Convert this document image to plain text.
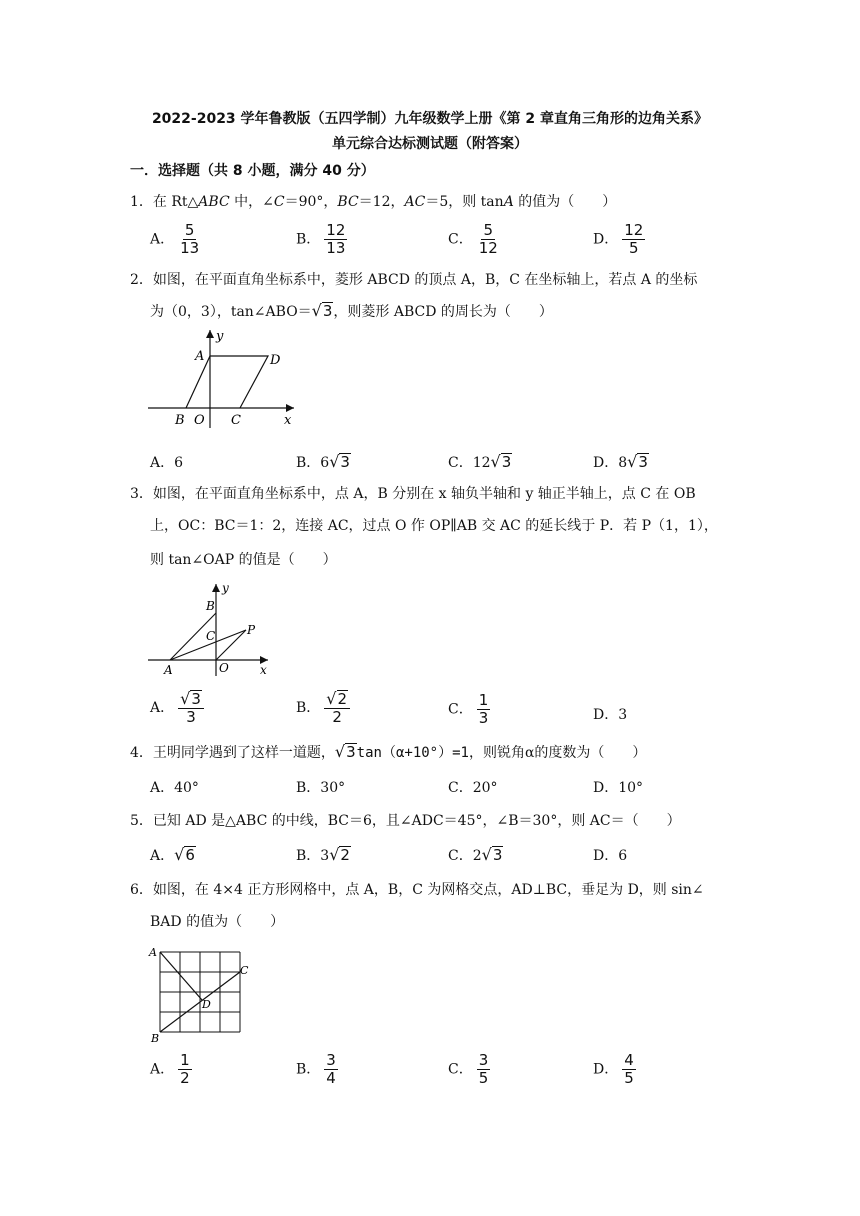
2022-2023 学年鲁教版（五四学制）九年级数学上册《第 2 章直角三角形的边角关系》
单元综合达标测试题（附答案）
一．选择题（共 8 小题，满分 40 分）
1．在 Rt△ABC 中，∠C＝90°，BC＝12，AC＝5，则 tanA 的值为（　　）
A． $\frac{5}{13}$	B． $\frac{12}{13}$	C． $\frac{5}{12}$	D． $\frac{12}{5}$
2．如图，在平面直角坐标系中，菱形 ABCD 的顶点 A，B，C 在坐标轴上，若点 A 的坐标
为（0，3），tan∠ABO＝ √ 3 ，则菱形 ABCD 的周长为（　　）
A	D
B O C	x
y
A．6	B．6 √ 3	C．12 √ 3	D．8 √ 3
3．如图，在平面直角坐标系中，点 A，B 分别在 x 轴负半轴和 y 轴正半轴上，点 C 在 OB
上，OC：BC＝1：2，连接 AC，过点 O 作 OP∥AB 交 AC 的延长线于 P．若 P（1，1），
则 tan∠OAP 的值是（　　）
B
C	P
A	O	x
y
A． $\frac{√ 3}{3}$	B． $\frac{√ 2}{2}$	C． $\frac{1}{3}$	D．3
4．王明同学遇到了这样一道题， √ 3 tan（α+10°）=1，则锐角α的度数为（　　）
A．40°	B．30°	C．20°	D．10°
5．已知 AD 是△ABC 的中线，BC＝6，且∠ADC＝45°，∠B＝30°，则 AC＝（　　）
A． √ 6	B．3 √ 2	C．2 √ 3	D．6
6．如图，在 4×4 正方形网格中，点 A，B，C 为网格交点，AD⊥BC，垂足为 D，则 sin∠
BAD 的值为（　　）
A
C
D
B
A． $\frac{1}{2}$	B． $\frac{3}{4}$	C． $\frac{3}{5}$	D． $\frac{4}{5}$
